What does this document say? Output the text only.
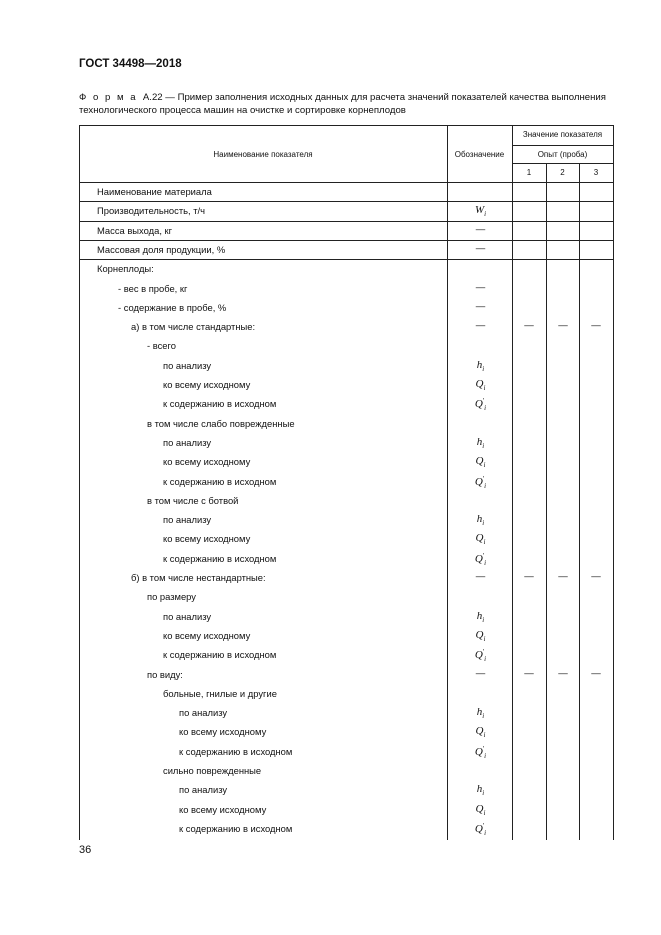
ГОСТ 34498—2018
Ф о р м а А.22 — Пример заполнения исходных данных для расчета значений показателей качества выполнения технологического процесса машин на очистке и сортировке корнеплодов
Наименование показателя	Обозначение
Значение показателя
Опыт (проба)
1	2	3
Наименование материала
Производительность, т/ч	$W_i$
Масса выхода, кг	—
Массовая доля продукции, %	—
Корнеплоды:
- вес в пробе, кг	—
- содержание в пробе, %	—
а) в том числе стандартные:	—	—	—	—
- всего
по анализу	$h_i$
ко всему исходному	$Q_i$
к содержанию в исходном	$Q'_i$
в том числе слабо поврежденные
по анализу	$h_i$
ко всему исходному	$Q_i$
к содержанию в исходном	$Q'_i$
в том числе с ботвой
по анализу	$h_i$
ко всему исходному	$Q_i$
к содержанию в исходном	$Q'_i$
б) в том числе нестандартные:	—	—	—	—
по размеру
по анализу	$h_i$
ко всему исходному	$Q_i$
к содержанию в исходном	$Q'_i$
по виду:	—	—	—	—
больные, гнилые и другие
по анализу	$h_i$
ко всему исходному	$Q_i$
к содержанию в исходном	$Q'_i$
сильно поврежденные
по анализу	$h_i$
ко всему исходному	$Q_i$
к содержанию в исходном	$Q'_i$
36
